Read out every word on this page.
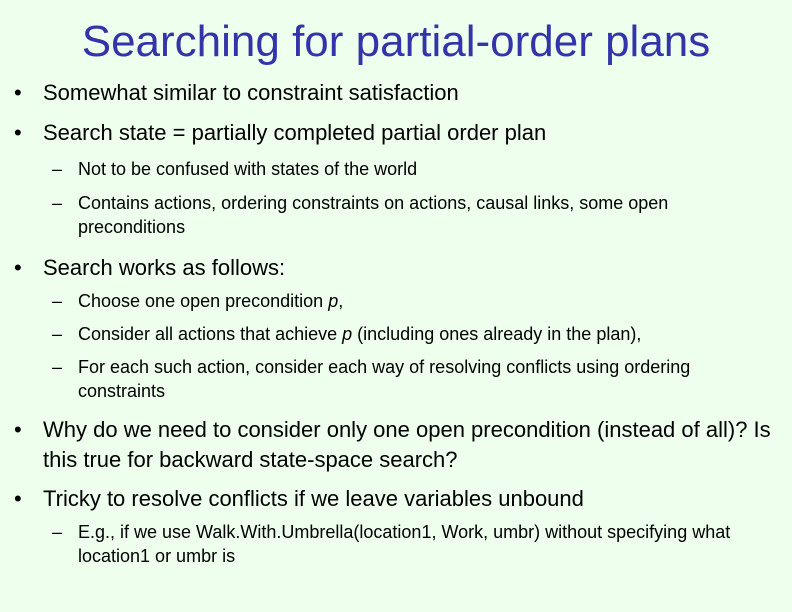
Searching for partial-order plans
• Somewhat similar to constraint satisfaction
• Search state = partially completed partial order plan
– Not to be confused with states of the world
– Contains actions, ordering constraints on actions, causal links, some open preconditions
• Search works as follows:
– Choose one open precondition p,
– Consider all actions that achieve p (including ones already in the plan),
– For each such action, consider each way of resolving conflicts using ordering constraints
• Why do we need to consider only one open precondition (instead of all)? Is this true for backward state-space search?
• Tricky to resolve conflicts if we leave variables unbound
– E.g., if we use Walk.With.Umbrella(location1, Work, umbr) without specifying what location1 or umbr is
